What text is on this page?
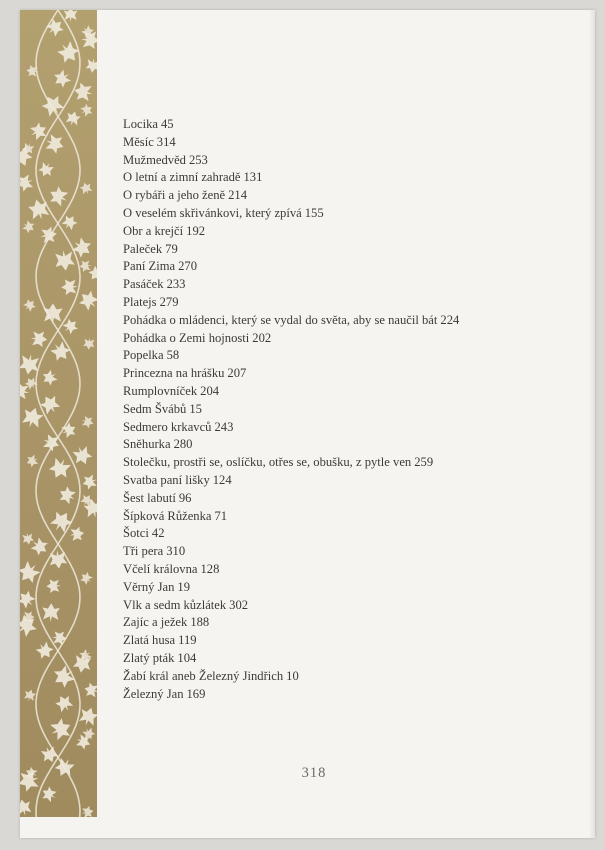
Locika 45
Měsíc 314
Mužmedvěd 253
O letní a zimní zahradě 131
O rybáři a jeho ženě 214
O veselém skřivánkovi, který zpívá 155
Obr a krejčí 192
Paleček 79
Paní Zima 270
Pasáček 233
Platejs 279
Pohádka o mládenci, který se vydal do světa, aby se naučil bát 224
Pohádka o Zemi hojnosti 202
Popelka 58
Princezna na hrášku 207
Rumplovníček 204
Sedm Švábů 15
Sedmero krkavců 243
Sněhurka 280
Stolečku, prostři se, oslíčku, otřes se, obušku, z pytle ven 259
Svatba paní lišky 124
Šest labutí 96
Šípková Růženka 71
Šotci 42
Tři pera 310
Včelí královna 128
Věrný Jan 19
Vlk a sedm kůzlátek 302
Zajíc a ježek 188
Zlatá husa 119
Zlatý pták 104
Žabí král aneb Železný Jindřich 10
Železný Jan 169
318
